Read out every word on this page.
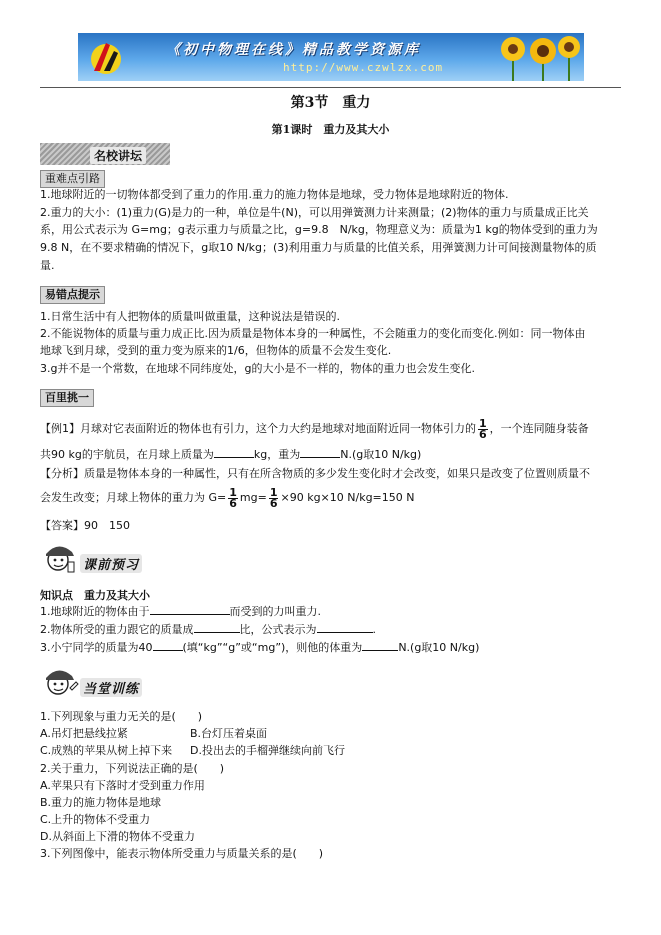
《初中物理在线》精品教学资源库
http://www.czwlzx.com
第3节　重力
第1课时　重力及其大小
名校讲坛
重难点引路
1.地球附近的一切物体都受到了重力的作用.重力的施力物体是地球，受力物体是地球附近的物体.
2.重力的大小：(1)重力(G)是力的一种，单位是牛(N)，可以用弹簧测力计来测量；(2)物体的重力与质量成正比关
系，用公式表示为 G=mg；g表示重力与质量之比，g=9.8　N/kg，物理意义为：质量为1 kg的物体受到的重力为
9.8 N，在不要求精确的情况下，g取10 N/kg；(3)利用重力与质量的比值关系，用弹簧测力计可间接测量物体的质
量.
易错点提示
1.日常生活中有人把物体的质量叫做重量，这种说法是错误的.
2.不能说物体的质量与重力成正比.因为质量是物体本身的一种属性，不会随重力的变化而变化.例如：同一物体由
地球飞到月球，受到的重力变为原来的1/6，但物体的质量不会发生变化.
3.g并不是一个常数，在地球不同纬度处，g的大小是不一样的，物体的重力也会发生变化.
百里挑一
【例1】月球对它表面附近的物体也有引力，这个力大约是地球对地面附近同一物体引力的 $\frac{1}{6}$ ，一个连同随身装备
共90 kg的宇航员，在月球上质量为	kg，重为	N.(g取10 N/kg)
【分析】质量是物体本身的一种属性，只有在所含物质的多少发生变化时才会改变，如果只是改变了位置则质量不
会发生改变；月球上物体的重力为 $G= \frac{1}{6} mg= \frac{1}{6} \times 90$ kg×10 N/kg=150 N
【答案】90　150
课前预习
知识点　重力及其大小
1.地球附近的物体由于	而受到的力叫重力.
2.物体所受的重力跟它的质量成	比，公式表示为	.
3.小宁同学的质量为40	(填“kg”“g”或“mg”)，则他的体重为	N.(g取10 N/kg)
当堂训练
1.下列现象与重力无关的是(　　)
A.吊灯把悬线拉紧	B.台灯压着桌面
C.成熟的苹果从树上掉下来 D.投出去的手榴弹继续向前飞行
2.关于重力，下列说法正确的是(　　)
A.苹果只有下落时才受到重力作用
B.重力的施力物体是地球
C.上升的物体不受重力
D.从斜面上下滑的物体不受重力
3.下列图像中，能表示物体所受重力与质量关系的是(　　)
